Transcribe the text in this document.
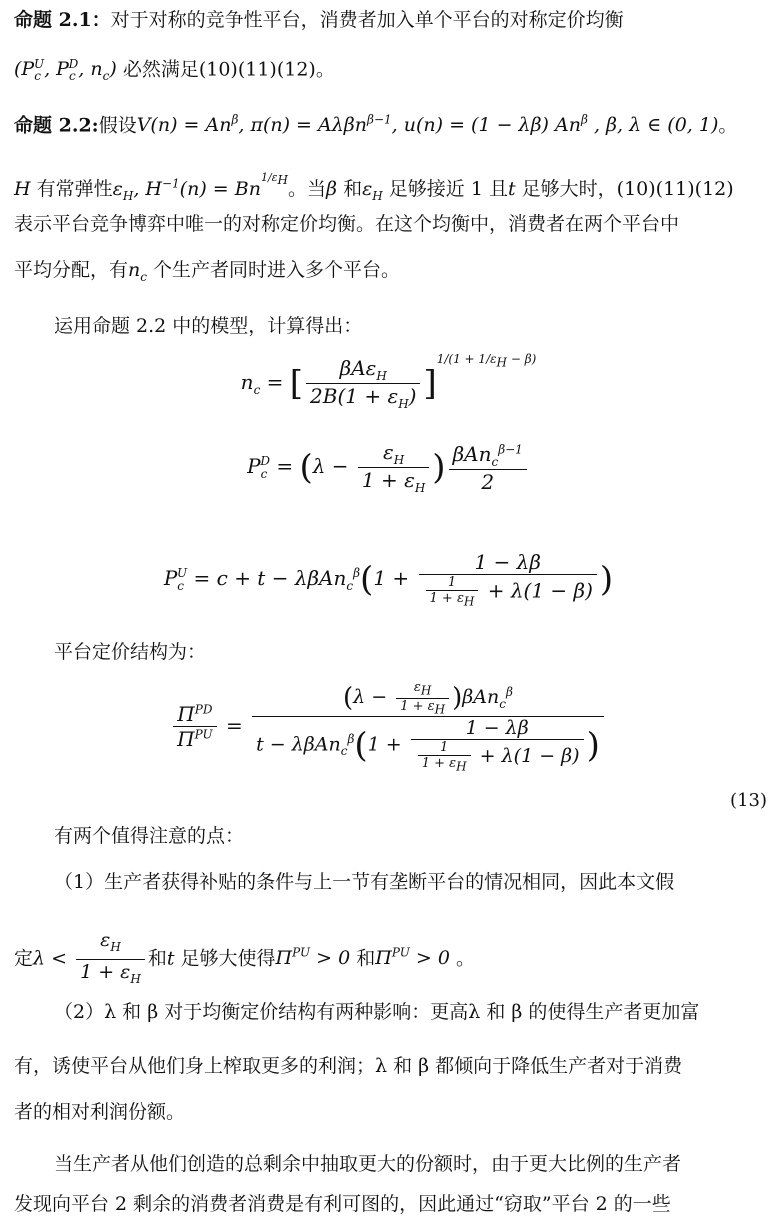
命题 2.1：对于对称的竞争性平台，消费者加入单个平台的对称定价均衡
($P_c^U$, $P_c^D$, $n_c$) 必然满足(10)(11)(12)。
命题 2.2:假设$V(n) = An^\beta$, π(n) = Aλβn$^{\beta-1}$, u(n) = (1 − λβ) $An^\beta$ , β, λ ∈ (0, 1)。
H 有常弹性$\varepsilon_H$, $H^{-1}(n) = Bn^{1/\varepsilon_H}$。当β 和$\varepsilon_H$ 足够接近 1 且t 足够大时，(10)(11)(12)
表示平台竞争博弈中唯一的对称定价均衡。在这个均衡中，消费者在两个平台中
平均分配，有$n_c$ 个生产者同时进入多个平台。
运用命题 2.2 中的模型，计算得出：
$n_c$ = [ $\frac{\beta A\varepsilon_H}{2B(1 + \varepsilon_H)} ]^{1/(1 + 1/\varepsilon_H - \beta)}$
$P_c^D = (\lambda - \frac{\varepsilon_H}{1 + \varepsilon_H}$ ) $\frac{\beta An_c^{\beta-1}}{2}$
$P_c^U = c + t - \lambda\beta An_c^\beta(1 + \frac{1 - \lambda\beta}{\frac{1}{1 + \varepsilon_H} + \lambda(1 - \beta)}$ )
平台定价结构为：
$\frac{\Pi^{PD}}{\Pi^{PU}} = \frac{(\lambda - \frac{\varepsilon_H}{1 + \varepsilon_H} )\beta An_c^\beta}{t - \lambda\beta An_c^\beta(1 + \frac{1 - \lambda\beta}{\frac{1}{1 + \varepsilon_H} + \lambda(1 - \beta)} )}$
(13)
有两个值得注意的点：
（1）生产者获得补贴的条件与上一节有垄断平台的情况相同，因此本文假
定$\lambda < \frac{\varepsilon_H}{1 + \varepsilon_H}$ 和t 足够大使得$\Pi^{PU} > 0$ 和$\Pi^{PU} > 0$ 。
（2）λ 和 β 对于均衡定价结构有两种影响：更高λ 和 β 的使得生产者更加富
有，诱使平台从他们身上榨取更多的利润；λ 和 β 都倾向于降低生产者对于消费
者的相对利润份额。
当生产者从他们创造的总剩余中抽取更大的份额时，由于更大比例的生产者
发现向平台 2 剩余的消费者消费是有利可图的，因此通过“窃取”平台 2 的一些
